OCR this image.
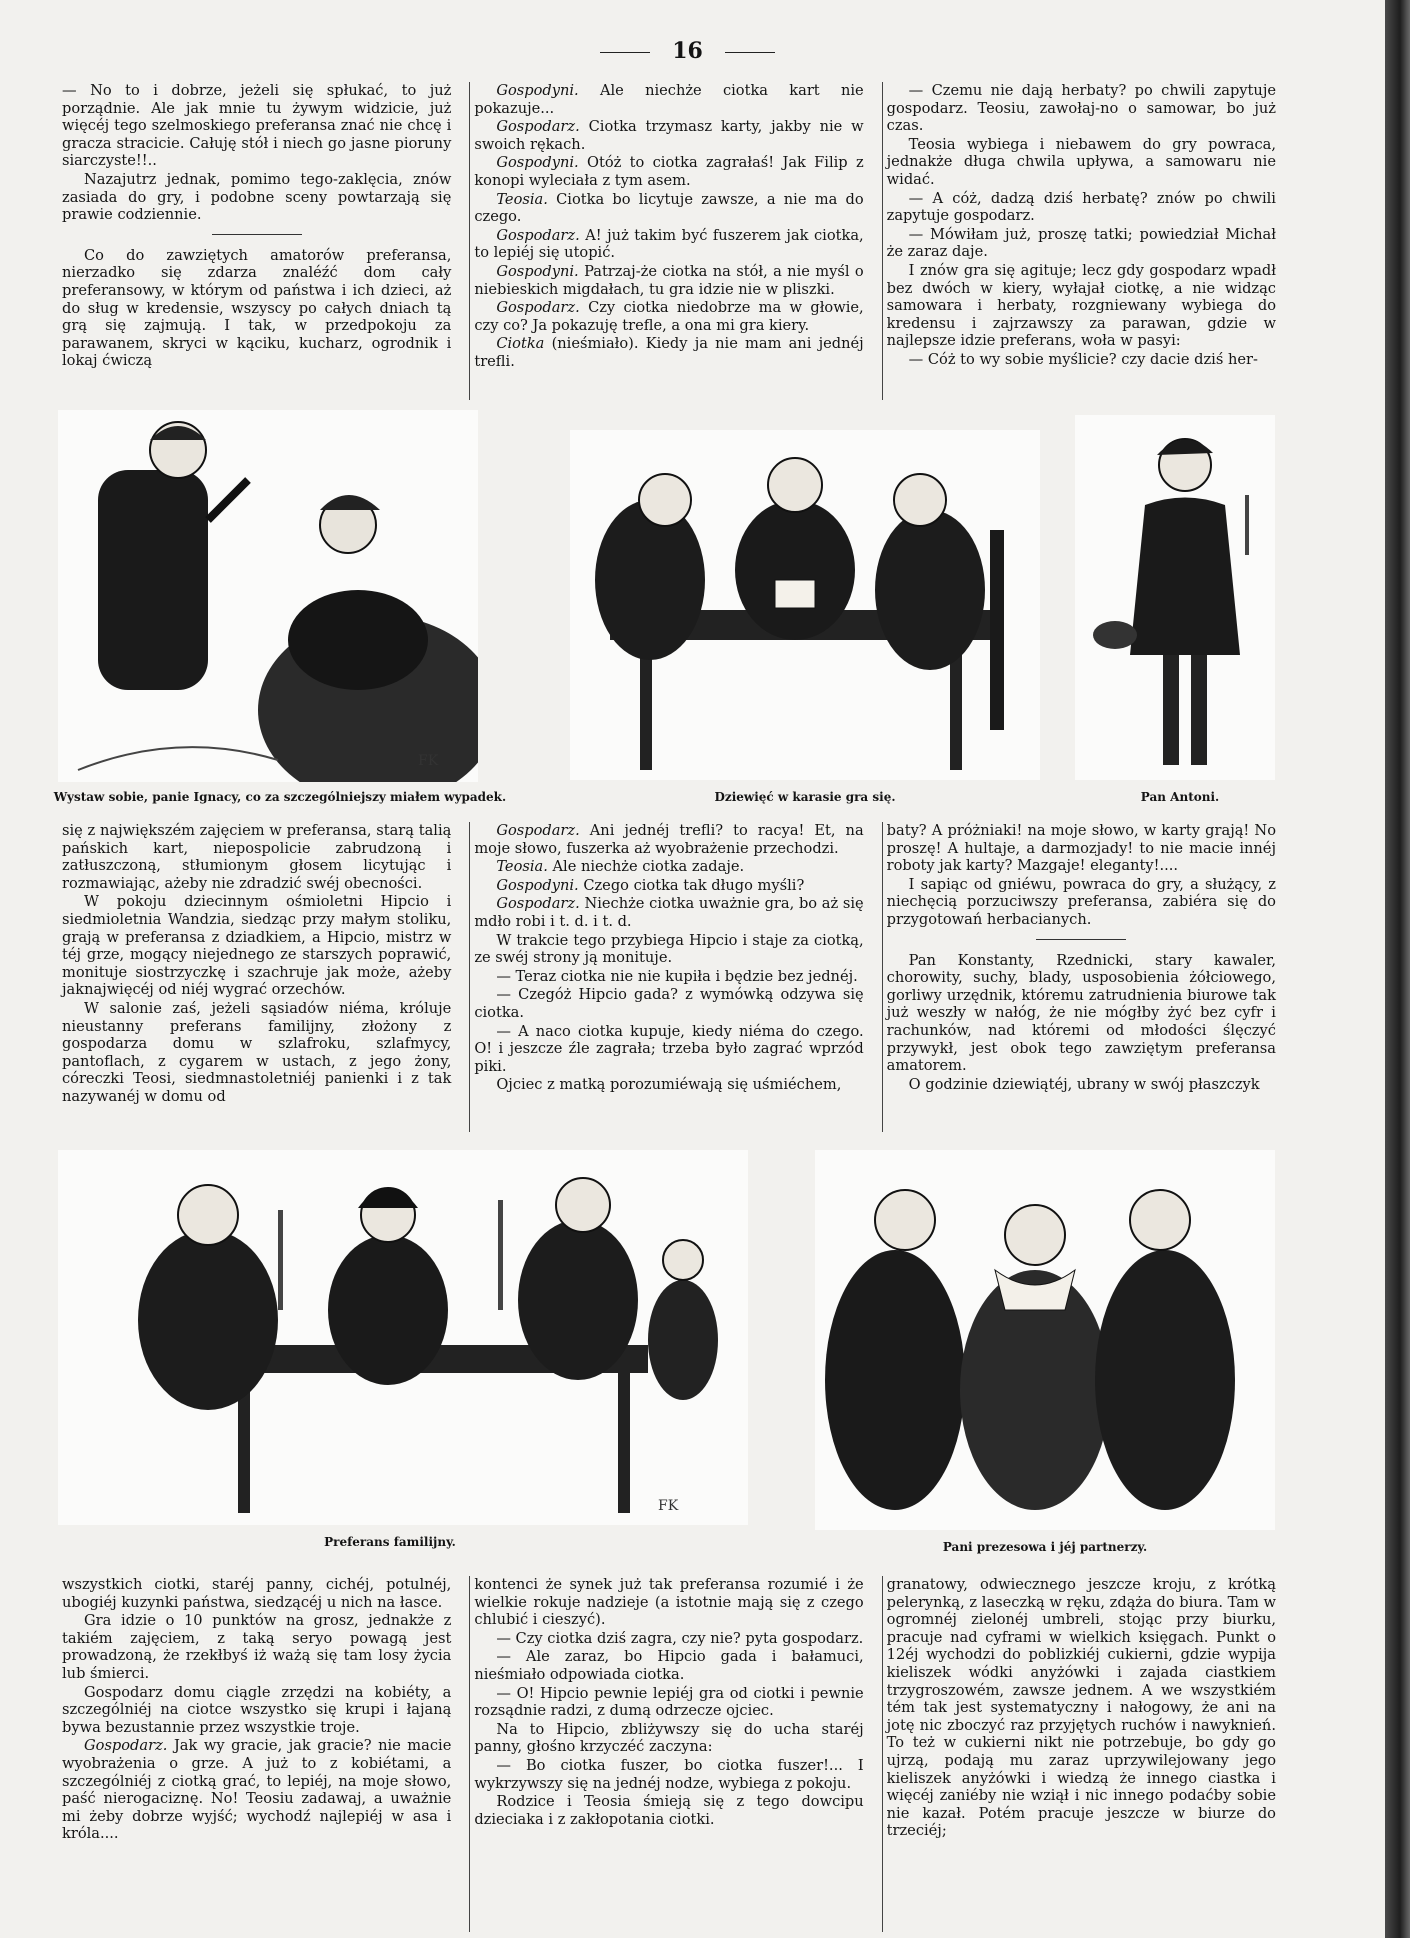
16

— No to i dobrze, jeżeli się spłukać, to już porządnie. Ale jak mnie tu żywym widzicie, już więcéj tego szelmoskiego preferansa znać nie chcę i gracza stracicie. Całuję stół i niech go jasne pioruny siarczyste!!..

Nazajutrz jednak, pomimo tego-zaklęcia, znów zasiada do gry, i podobne sceny powtarzają się prawie codziennie.

Co do zawziętych amatorów preferansa, nierzadko się zdarza znaléźć dom cały preferansowy, w którym od państwa i ich dzieci, aż do sług w kredensie, wszyscy po całych dniach tą grą się zajmują. I tak, w przedpokoju za parawanem, skryci w kąciku, kucharz, ogrodnik i lokaj ćwiczą

Gospodyni. Ale niechże ciotka kart nie pokazuje...

Gospodarz. Ciotka trzymasz karty, jakby nie w swoich rękach.

Gospodyni. Otóż to ciotka zagrałaś! Jak Filip z konopi wyleciała z tym asem.

Teosia. Ciotka bo licytuje zawsze, a nie ma do czego.

Gospodarz. A! już takim być fuszerem jak ciotka, to lepiéj się utopić.

Gospodyni. Patrzaj-że ciotka na stół, a nie myśl o niebieskich migdałach, tu gra idzie nie w pliszki.

Gospodarz. Czy ciotka niedobrze ma w głowie, czy co? Ja pokazuję trefle, a ona mi gra kiery.

Ciotka (nieśmiało). Kiedy ja nie mam ani jednéj trefli.

— Czemu nie dają herbaty? po chwili zapytuje gospodarz. Teosiu, zawołaj-no o samowar, bo już czas.

Teosia wybiega i niebawem do gry powraca, jednakże długa chwila upływa, a samowaru nie widać.

— A cóż, dadzą dziś herbatę? znów po chwili zapytuje gospodarz.

— Mówiłam już, proszę tatki; powiedział Michał że zaraz daje.

I znów gra się agituje; lecz gdy gospodarz wpadł bez dwóch w kiery, wyłajał ciotkę, a nie widząc samowara i herbaty, rozgniewany wybiega do kredensu i zajrzawszy za parawan, gdzie w najlepsze idzie preferans, woła w pasyi:

— Cóż to wy sobie myślicie? czy dacie dziś her-

FK
Wystaw sobie, panie Ignacy, co za szczególniejszy miałem wypadek.	Dziewięć w karasie gra się.	Pan Antoni.

się z największém zajęciem w preferansa, starą talią pańskich kart, niepospolicie zabrudzoną i zatłuszczoną, stłumionym głosem licytując i rozmawiając, ażeby nie zdradzić swéj obecności.

W pokoju dziecinnym ośmioletni Hipcio i siedmioletnia Wandzia, siedząc przy małym stoliku, grają w preferansa z dziadkiem, a Hipcio, mistrz w téj grze, mogący niejednego ze starszych poprawić, monituje siostrzyczkę i szachruje jak może, ażeby jaknajwięcéj od niéj wygrać orzechów.

W salonie zaś, jeżeli sąsiadów niéma, króluje nieustanny preferans familijny, złożony z gospodarza domu w szlafroku, szlafmycy, pantoflach, z cygarem w ustach, z jego żony, córeczki Teosi, siedmnastoletniéj panienki i z tak nazywanéj w domu od

Gospodarz. Ani jednéj trefli? to racya! Et, na moje słowo, fuszerka aż wyobrażenie przechodzi.

Teosia. Ale niechże ciotka zadaje.

Gospodyni. Czego ciotka tak długo myśli?

Gospodarz. Niechże ciotka uważnie gra, bo aż się mdło robi i t. d. i t. d.

W trakcie tego przybiega Hipcio i staje za ciotką, ze swéj strony ją monituje.

— Teraz ciotka nie nie kupiła i będzie bez jednéj.

— Czegóż Hipcio gada? z wymówką odzywa się ciotka.

— A naco ciotka kupuje, kiedy niéma do czego. O! i jeszcze źle zagrała; trzeba było zagrać wprzód piki.

Ojciec z matką porozumiéwają się uśmiéchem,

baty? A próżniaki! na moje słowo, w karty grają! No proszę! A hultaje, a darmozjady! to nie macie innéj roboty jak karty? Mazgaje! eleganty!....

I sapiąc od gniéwu, powraca do gry, a służący, z niechęcią porzuciwszy preferansa, zabiéra się do przygotowań herbacianych.

Pan Konstanty, Rzednicki, stary kawaler, chorowity, suchy, blady, usposobienia żółciowego, gorliwy urzędnik, któremu zatrudnienia biurowe tak już weszły w nałóg, że nie mógłby żyć bez cyfr i rachunków, nad któremi od młodości ślęczyć przywykł, jest obok tego zawziętym preferansa amatorem.

O godzinie dziewiątéj, ubrany w swój płaszczyk

FK
Preferans familijny.	Pani prezesowa i jéj partnerzy.

wszystkich ciotki, staréj panny, cichéj, potulnéj, ubogiéj kuzynki państwa, siedzącéj u nich na łasce.

Gra idzie o 10 punktów na grosz, jednakże z takiém zajęciem, z taką seryo powagą jest prowadzoną, że rzekłbyś iż ważą się tam losy życia lub śmierci.

Gospodarz domu ciągle zrzędzi na kobiéty, a szczególniéj na ciotce wszystko się krupi i łajaną bywa bezustannie przez wszystkie troje.

Gospodarz. Jak wy gracie, jak gracie? nie macie wyobrażenia o grze. A już to z kobiétami, a szczególniéj z ciotką grać, to lepiéj, na moje słowo, paść nierogaciznę. No! Teosiu zadawaj, a uważnie mi żeby dobrze wyjść; wychodź najlepiéj w asa i króla....

kontenci że synek już tak preferansa rozumié i że wielkie rokuje nadzieje (a istotnie mają się z czego chlubić i cieszyć).

— Czy ciotka dziś zagra, czy nie? pyta gospodarz.

— Ale zaraz, bo Hipcio gada i bałamuci, nieśmiało odpowiada ciotka.

— O! Hipcio pewnie lepiéj gra od ciotki i pewnie rozsądnie radzi, z dumą odrzecze ojciec.

Na to Hipcio, zbliżywszy się do ucha staréj panny, głośno krzyczéć zaczyna:

— Bo ciotka fuszer, bo ciotka fuszer!... I wykrzywszy się na jednéj nodze, wybiega z pokoju.

Rodzice i Teosia śmieją się z tego dowcipu dzieciaka i z zakłopotania ciotki.

granatowy, odwiecznego jeszcze kroju, z krótką pelerynką, z laseczką w ręku, zdąża do biura. Tam w ogromnéj zielonéj umbreli, stojąc przy biurku, pracuje nad cyframi w wielkich księgach. Punkt o 12éj wychodzi do poblizkiéj cukierni, gdzie wypija kieliszek wódki anyżówki i zajada ciastkiem trzygroszowém, zawsze jednem. A we wszystkiém tém tak jest systematyczny i nałogowy, że ani na jotę nic zboczyć raz przyjętych ruchów i nawyknień. To też w cukierni nikt nie potrzebuje, bo gdy go ujrzą, podają mu zaraz uprzywilejowany jego kieliszek anyżówki i wiedzą że innego ciastka i więcéj zaniéby nie wziął i nic innego podaćby sobie nie kazał. Potém pracuje jeszcze w biurze do trzeciéj;
